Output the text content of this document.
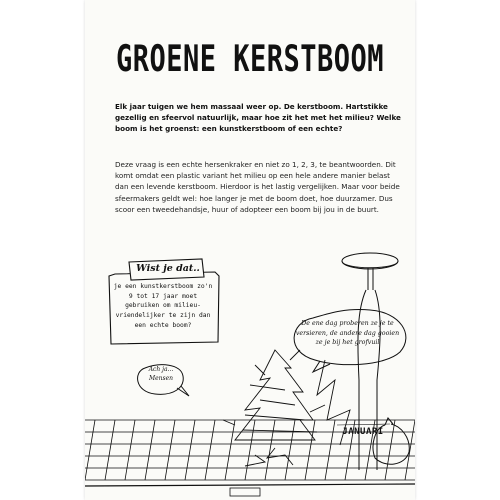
GROENE KERSTBOOM

Elk jaar tuigen we hem massaal weer op. De kerstboom. Hartstikke gezellig en sfeervol natuurlijk, maar hoe zit het met het milieu? Welke boom is het groenst: een kunstkerstboom of een echte?

Deze vraag is een echte hersenkraker en niet zo 1, 2, 3, te beantwoorden. Dit komt omdat een plastic variant het milieu op een hele andere manier belast dan een levende kerstboom. Hierdoor is het lastig vergelijken. Maar voor beide sfeermakers geldt wel: hoe langer je met de boom doet, hoe duurzamer. Dus scoor een tweedehandsje, huur of adopteer een boom bij jou in de buurt.

Wist je dat..
je een kunstkerstboom zo'n 9 tot 17 jaar moet gebruiken om milieu-vriendelijker te zijn dan een echte boom?	De ene dag proberen ze je te versieren, de andere dag gooien ze je bij het grofvuil
Ach ja... Mensen
JANUARI
